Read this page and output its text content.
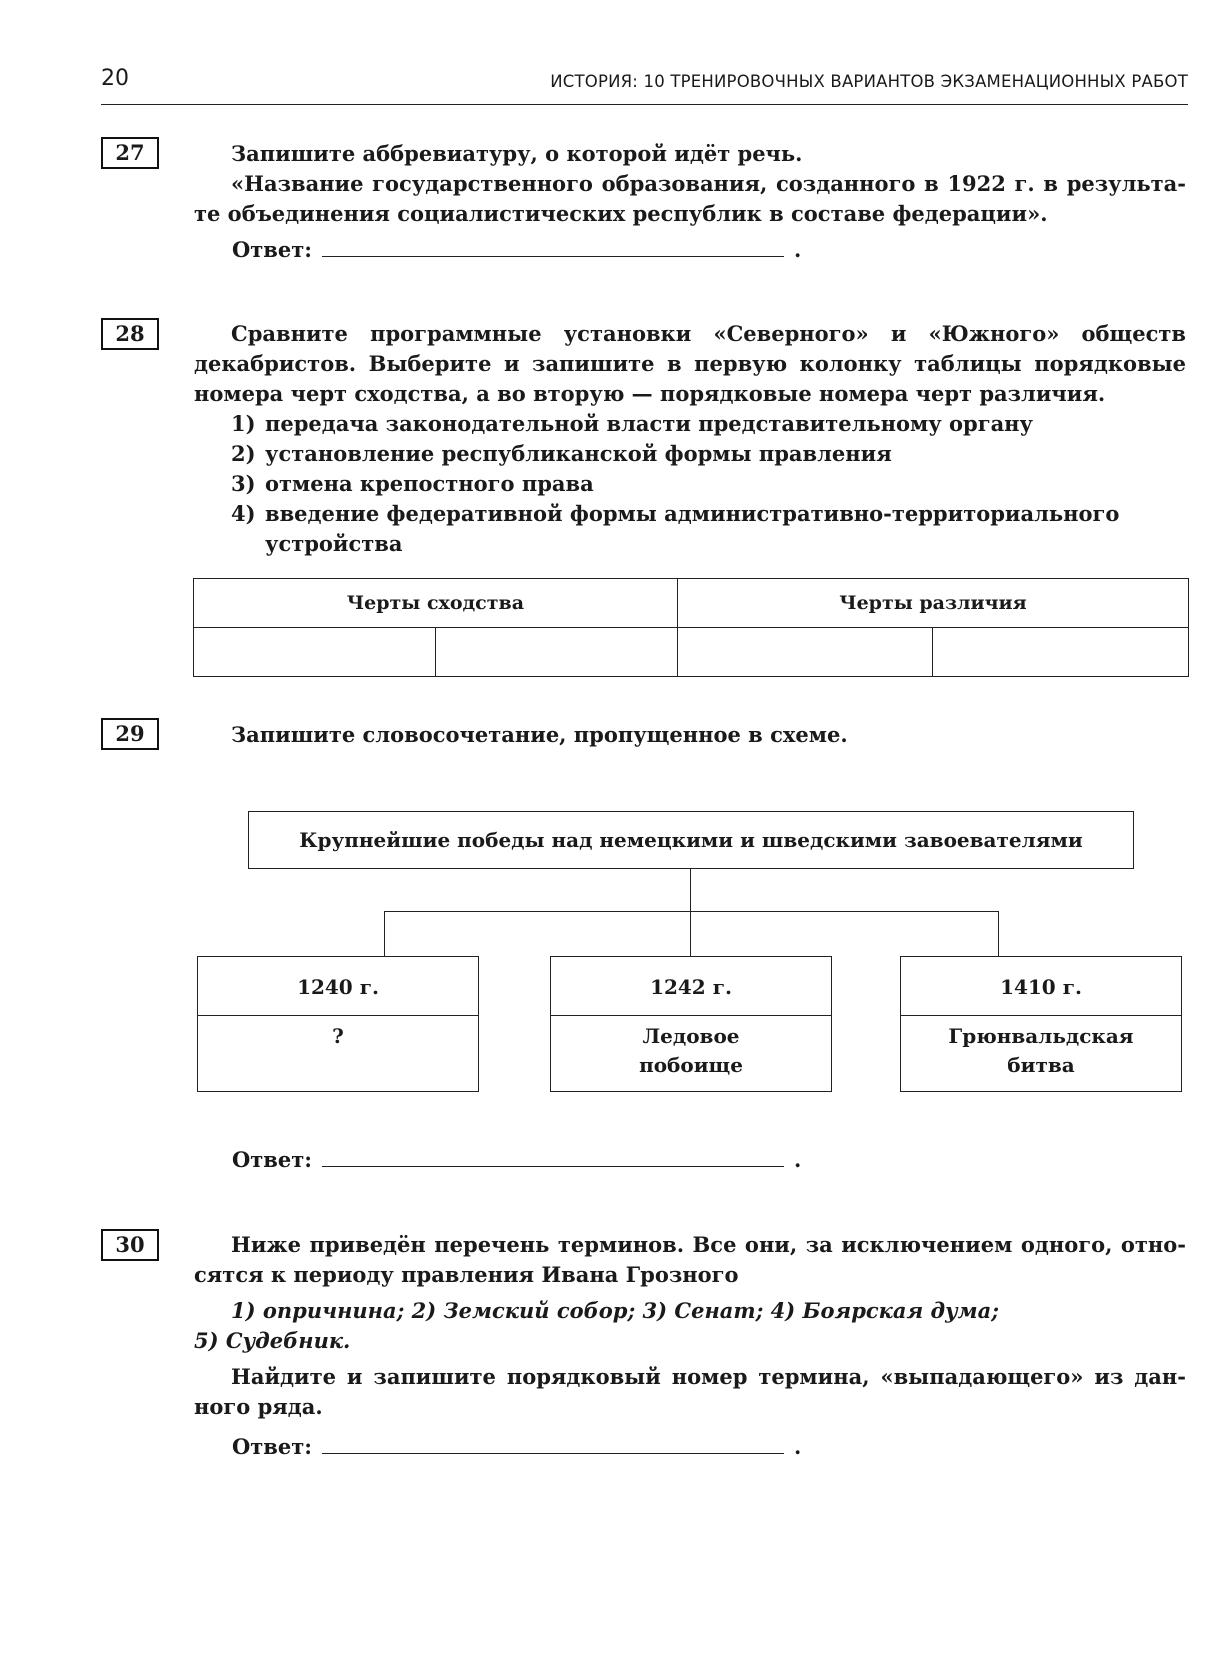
20	ИСТОРИЯ: 10 ТРЕНИРОВОЧНЫХ ВАРИАНТОВ ЭКЗАМЕНАЦИОННЫХ РАБОТ
27	Запишите аббревиатуру, о которой идёт речь.

«Название государственного образования, созданного в 1922 г. в результа-

те объединения социалистических республик в составе федерации».

Ответ:	.
28	Сравните программные установки «Северного» и «Южного» обществ

декабристов. Выберите и запишите в первую колонку таблицы порядковые

номера черт сходства, а во вторую — порядковые номера черт различия.

1) передача законодательной власти представительному органу
2) установление республиканской формы правления
3) отмена крепостного права
4) введение федеративной формы административно-территориального
устройства
Черты сходства		Черты различия	

29	Запишите словосочетание, пропущенное в схеме.

Крупнейшие победы над немецкими и шведскими завоевателями
1240 г.
?
1242 г.
Ледовое
побоище
1410 г.
Грюнвальдская
битва
Ответ:	.
30	Ниже приведён перечень терминов. Все они, за исключением одного, отно-

сятся к периоду правления Ивана Грозного

1) опричнина; 2) Земский собор; 3) Сенат; 4) Боярская дума;

5) Судебник.

Найдите и запишите порядковый номер термина, «выпадающего» из дан-

ного ряда.

Ответ:	.
